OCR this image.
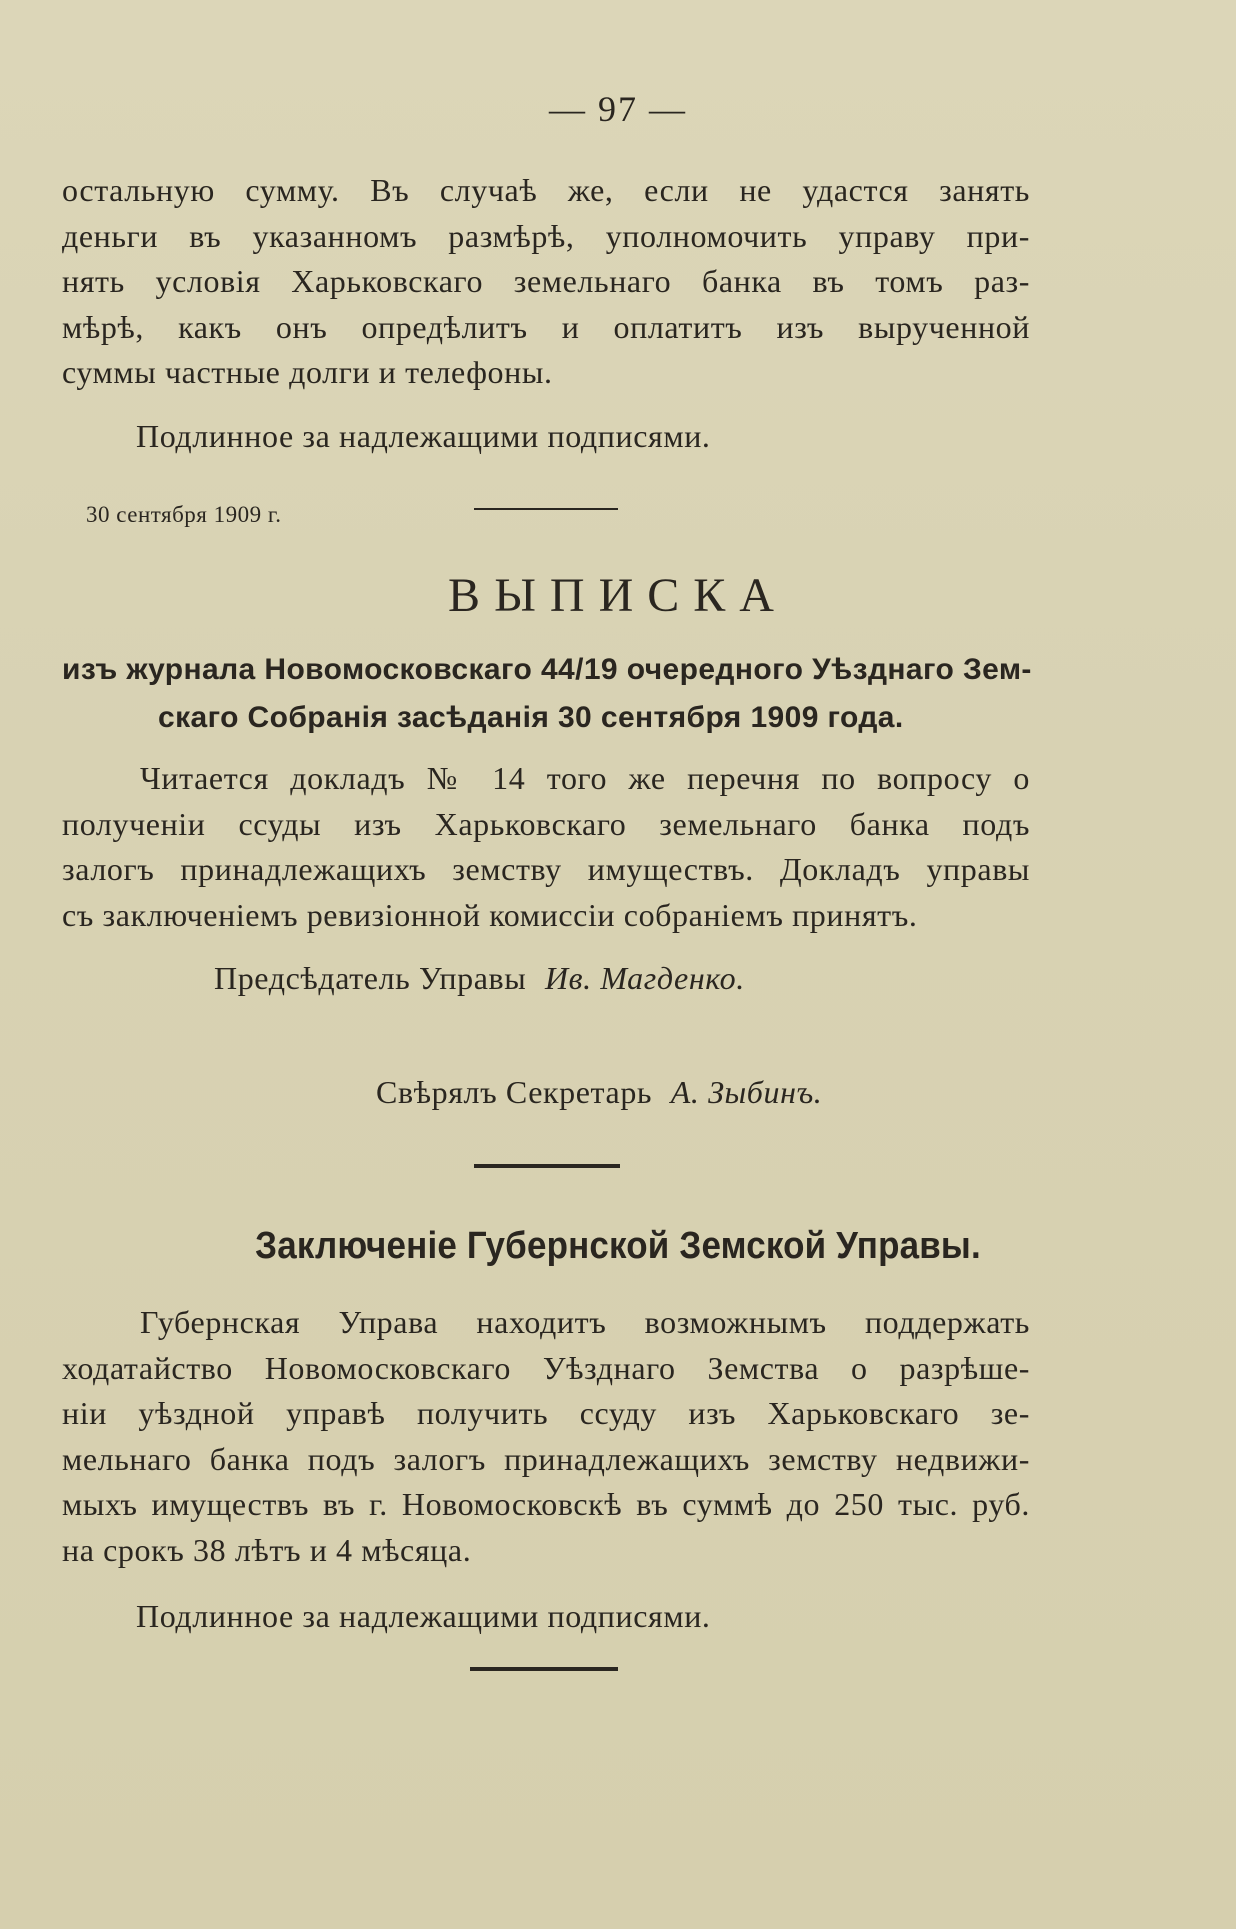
— 97 —
остальную сумму. Въ случаѣ же, если не удастся занять
деньги въ указанномъ размѣрѣ, уполномочить управу при-
нять условія Харьковскаго земельнаго банка въ томъ раз-
мѣрѣ, какъ онъ опредѣлитъ и оплатитъ изъ вырученной
суммы частные долги и телефоны.
Подлинное за надлежащими подписями.
30 сентября 1909 г.
ВЫПИСКА
изъ журнала Новомосковскаго 44/19 очередного Уѣзднаго Зем-
скаго Собранія засѣданія 30 сентября 1909 года.
Читается докладъ № 14 того же перечня по вопросу о
полученіи ссуды изъ Харьковскаго земельнаго банка подъ
залогъ принадлежащихъ земству имуществъ. Докладъ управы
съ заключеніемъ ревизіонной комиссіи собраніемъ принятъ.
Предсѣдатель Управы Ив. Магденко.
Свѣрялъ Секретарь А. Зыбинъ.
Заключеніе Губернской Земской Управы.
Губернская Управа находитъ возможнымъ поддержать
ходатайство Новомосковскаго Уѣзднаго Земства о разрѣше-
ніи уѣздной управѣ получить ссуду изъ Харьковскаго зе-
мельнаго банка подъ залогъ принадлежащихъ земству недвижи-
мыхъ имуществъ въ г. Новомосковскѣ въ суммѣ до 250 тыс. руб.
на срокъ 38 лѣтъ и 4 мѣсяца.
Подлинное за надлежащими подписями.
